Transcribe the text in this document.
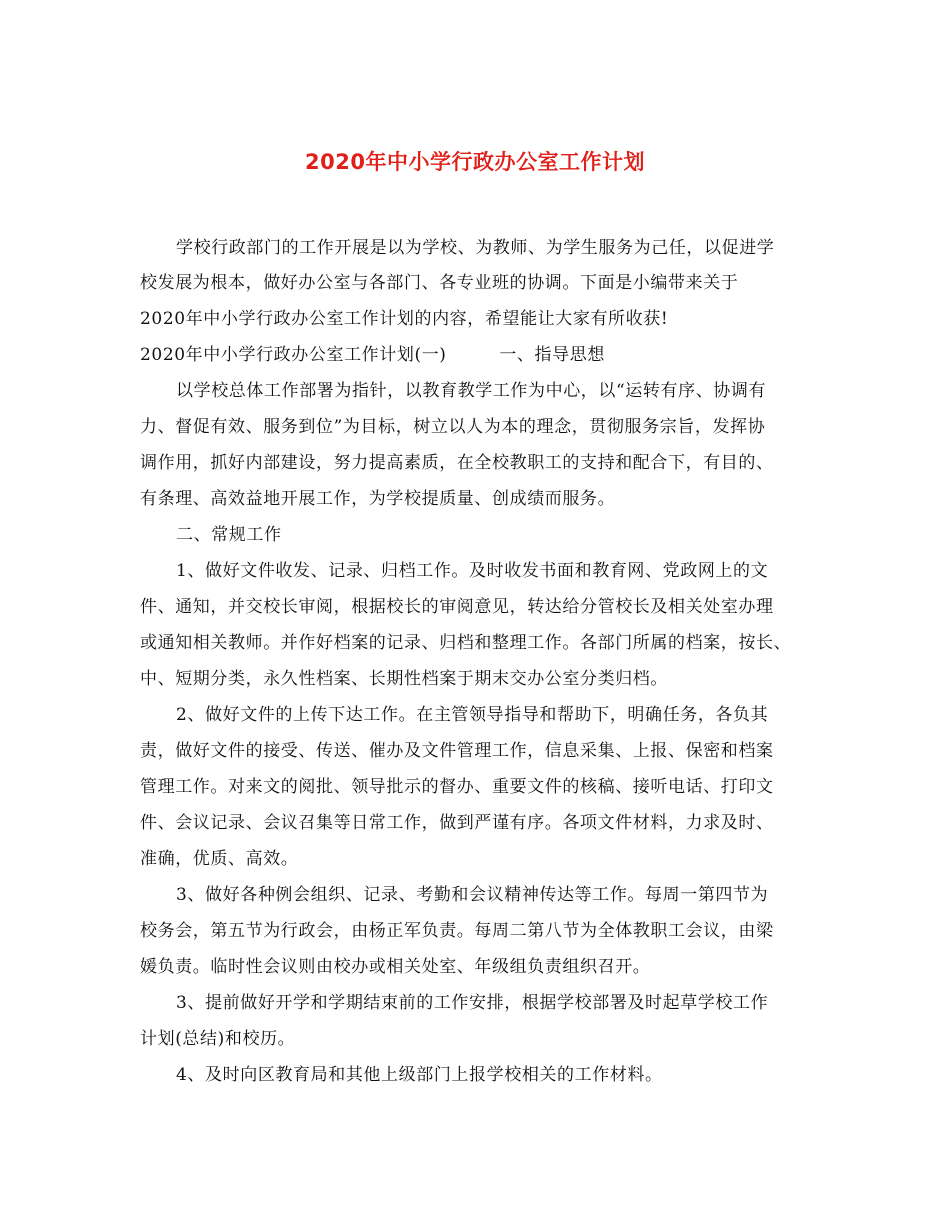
2020年中小学行政办公室工作计划
学校行政部门的工作开展是以为学校、为教师、为学生服务为己任，以促进学
校发展为根本，做好办公室与各部门、各专业班的协调。下面是小编带来关于
2020年中小学行政办公室工作计划的内容，希望能让大家有所收获!
2020年中小学行政办公室工作计划(一)　　　一、指导思想
以学校总体工作部署为指针，以教育教学工作为中心，以“运转有序、协调有
力、督促有效、服务到位”为目标，树立以人为本的理念，贯彻服务宗旨，发挥协
调作用，抓好内部建设，努力提高素质，在全校教职工的支持和配合下，有目的、
有条理、高效益地开展工作，为学校提质量、创成绩而服务。
二、常规工作
1、做好文件收发、记录、归档工作。及时收发书面和教育网、党政网上的文
件、通知，并交校长审阅，根据校长的审阅意见，转达给分管校长及相关处室办理
或通知相关教师。并作好档案的记录、归档和整理工作。各部门所属的档案，按长、
中、短期分类，永久性档案、长期性档案于期末交办公室分类归档。
2、做好文件的上传下达工作。在主管领导指导和帮助下，明确任务，各负其
责，做好文件的接受、传送、催办及文件管理工作，信息采集、上报、保密和档案
管理工作。对来文的阅批、领导批示的督办、重要文件的核稿、接听电话、打印文
件、会议记录、会议召集等日常工作，做到严谨有序。各项文件材料，力求及时、
准确，优质、高效。
3、做好各种例会组织、记录、考勤和会议精神传达等工作。每周一第四节为
校务会，第五节为行政会，由杨正军负责。每周二第八节为全体教职工会议，由梁
媛负责。临时性会议则由校办或相关处室、年级组负责组织召开。
3、提前做好开学和学期结束前的工作安排，根据学校部署及时起草学校工作
计划(总结)和校历。
4、及时向区教育局和其他上级部门上报学校相关的工作材料。
